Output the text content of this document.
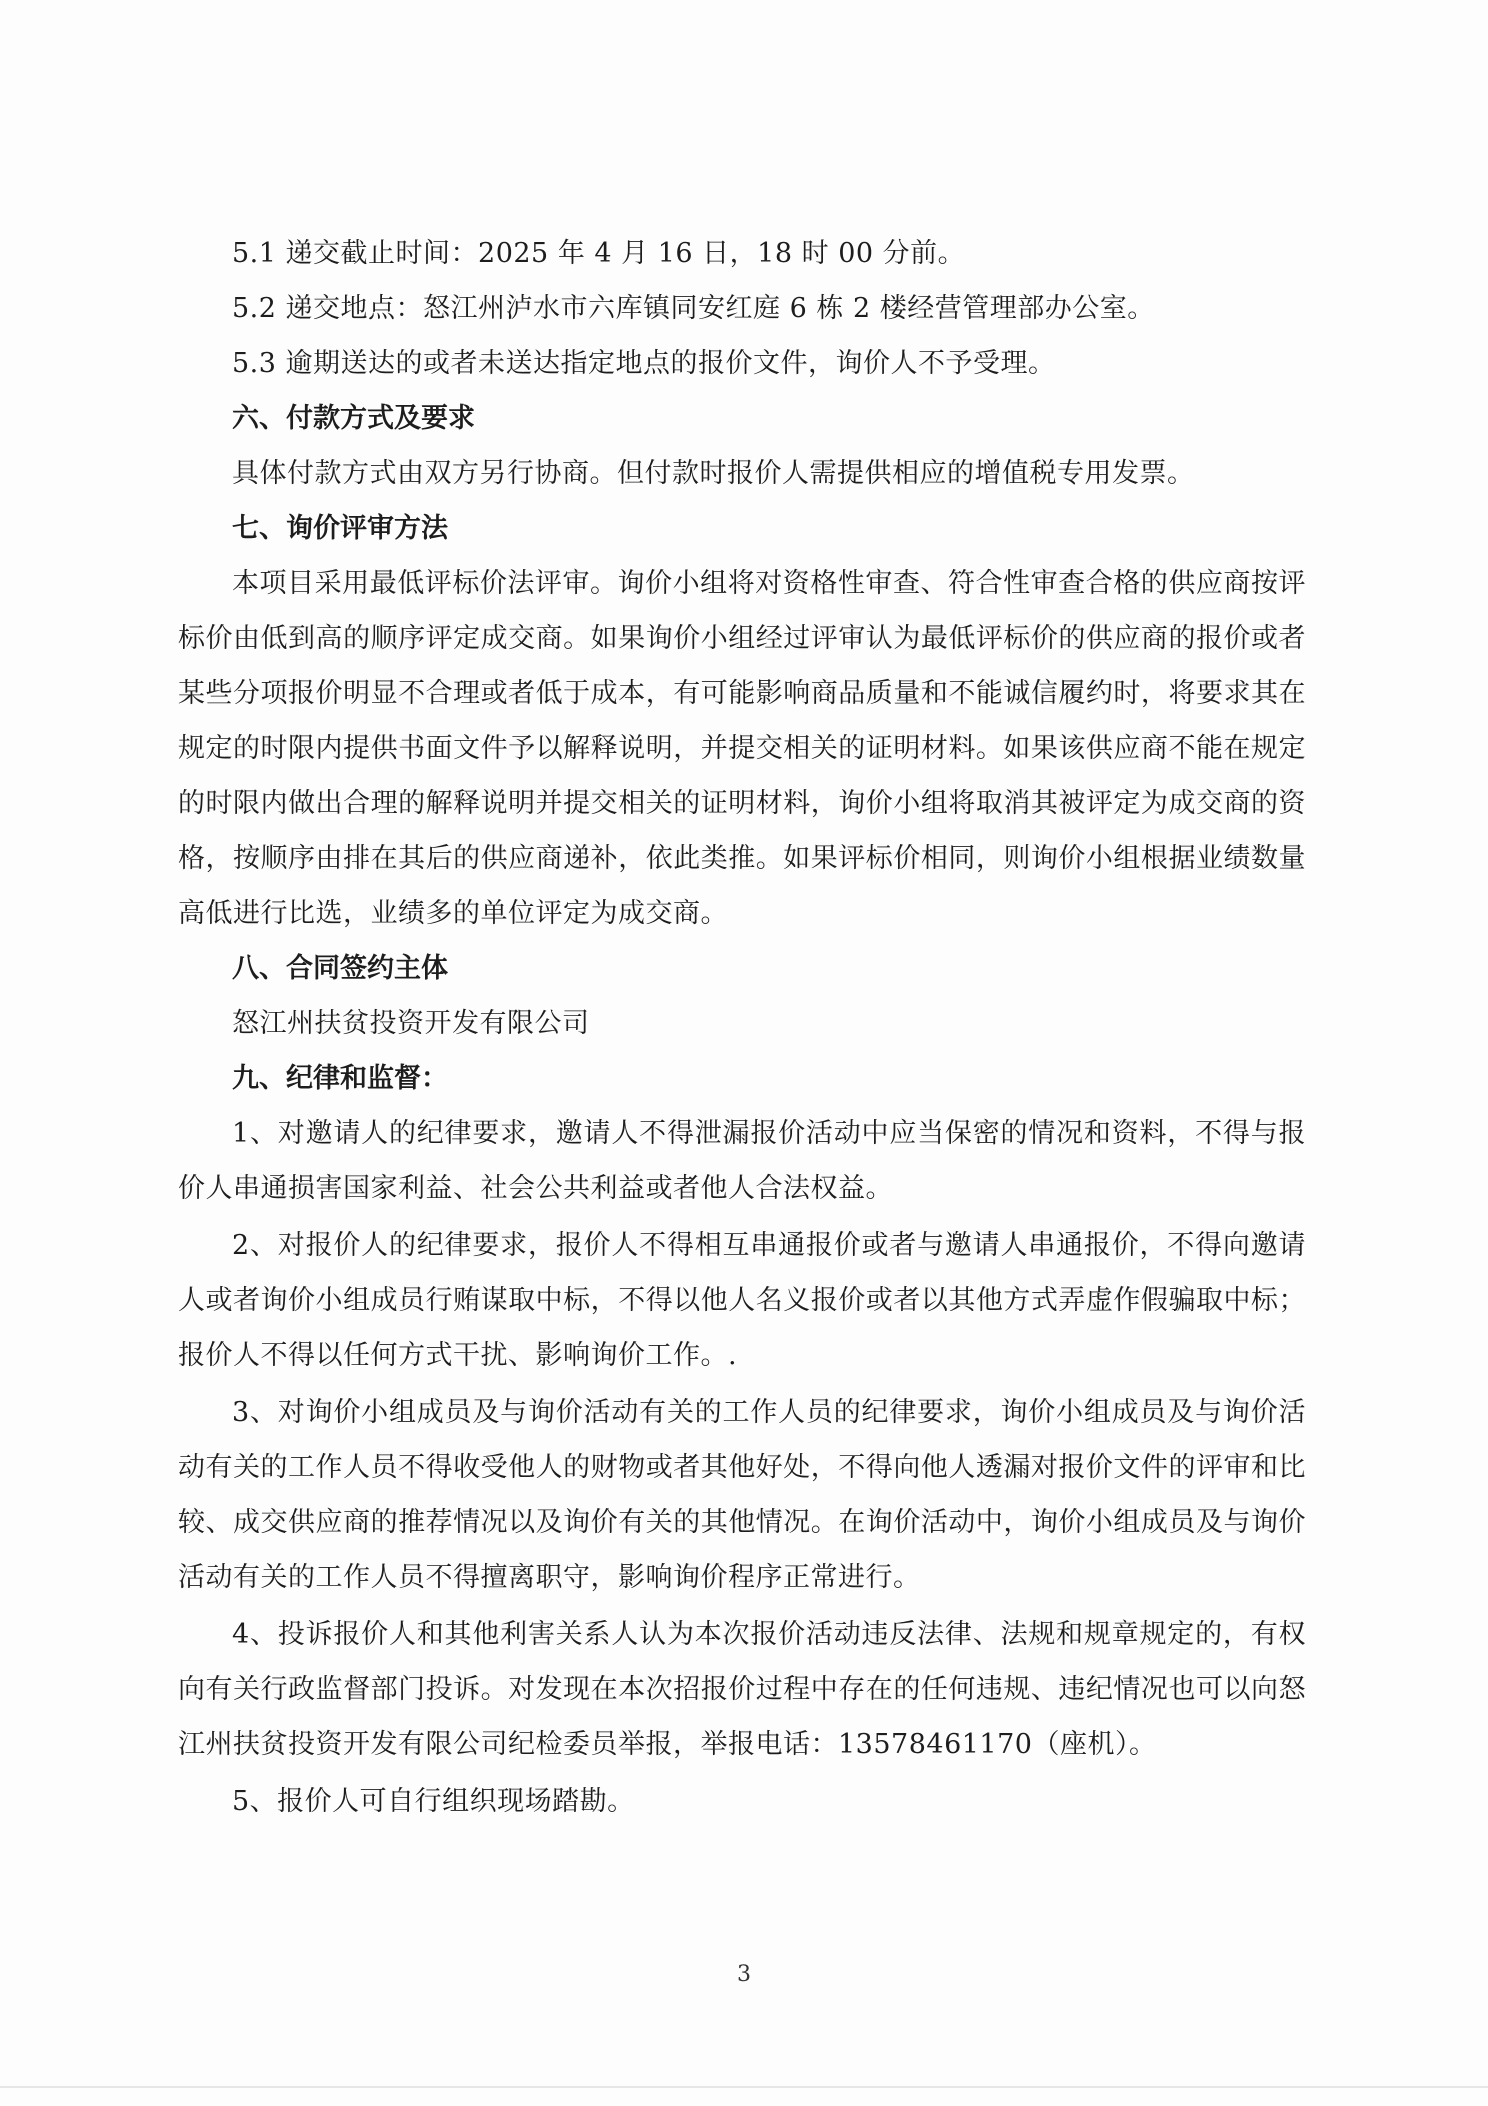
5.1 递交截止时间：2025 年 4 月 16 日，18 时 00 分前。
5.2 递交地点：怒江州泸水市六库镇同安红庭 6 栋 2 楼经营管理部办公室。
5.3 逾期送达的或者未送达指定地点的报价文件，询价人不予受理。
六、付款方式及要求
具体付款方式由双方另行协商。但付款时报价人需提供相应的增值税专用发票。
七、询价评审方法
本项目采用最低评标价法评审。询价小组将对资格性审查、符合性审查合格的供应商按评标价由低到高的顺序评定成交商。如果询价小组经过评审认为最低评标价的供应商的报价或者某些分项报价明显不合理或者低于成本，有可能影响商品质量和不能诚信履约时，将要求其在规定的时限内提供书面文件予以解释说明，并提交相关的证明材料。如果该供应商不能在规定的时限内做出合理的解释说明并提交相关的证明材料，询价小组将取消其被评定为成交商的资格，按顺序由排在其后的供应商递补，依此类推。如果评标价相同，则询价小组根据业绩数量高低进行比选，业绩多的单位评定为成交商。
八、合同签约主体
怒江州扶贫投资开发有限公司
九、纪律和监督：
1、对邀请人的纪律要求，邀请人不得泄漏报价活动中应当保密的情况和资料，不得与报价人串通损害国家利益、社会公共利益或者他人合法权益。
2、对报价人的纪律要求，报价人不得相互串通报价或者与邀请人串通报价，不得向邀请人或者询价小组成员行贿谋取中标，不得以他人名义报价或者以其他方式弄虚作假骗取中标；报价人不得以任何方式干扰、影响询价工作。.
3、对询价小组成员及与询价活动有关的工作人员的纪律要求，询价小组成员及与询价活动有关的工作人员不得收受他人的财物或者其他好处，不得向他人透漏对报价文件的评审和比较、成交供应商的推荐情况以及询价有关的其他情况。在询价活动中，询价小组成员及与询价活动有关的工作人员不得擅离职守，影响询价程序正常进行。
4、投诉报价人和其他利害关系人认为本次报价活动违反法律、法规和规章规定的，有权向有关行政监督部门投诉。对发现在本次招报价过程中存在的任何违规、违纪情况也可以向怒江州扶贫投资开发有限公司纪检委员举报，举报电话：13578461170（座机）。
5、报价人可自行组织现场踏勘。
3
